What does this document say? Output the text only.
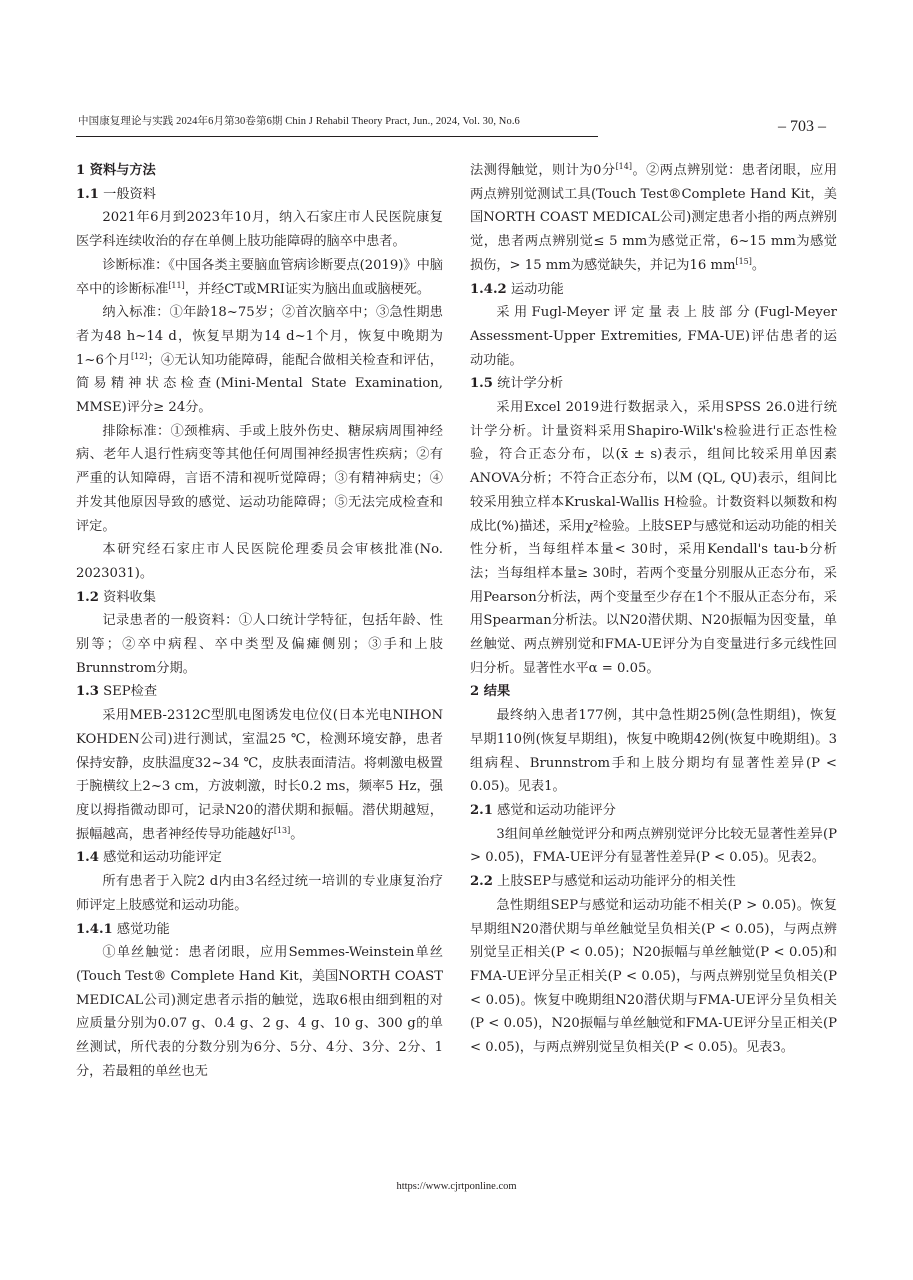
中国康复理论与实践 2024年6月第30卷第6期 Chin J Rehabil Theory Pract, Jun., 2024, Vol. 30, No.6	– 703 –

1 资料与方法

1.1 一般资料

2021年6月到2023年10月，纳入石家庄市人民医院康复医学科连续收治的存在单侧上肢功能障碍的脑卒中患者。

诊断标准：《中国各类主要脑血管病诊断要点(2019)》中脑卒中的诊断标准[11]，并经CT或MRI证实为脑出血或脑梗死。

纳入标准：①年龄18~75岁；②首次脑卒中；③急性期患者为48 h~14 d，恢复早期为14 d~1个月，恢复中晚期为1~6个月[12]；④无认知功能障碍，能配合做相关检查和评估，简易精神状态检查(Mini-Mental State Examination, MMSE)评分≥ 24分。

排除标准：①颈椎病、手或上肢外伤史、糖尿病周围神经病、老年人退行性病变等其他任何周围神经损害性疾病；②有严重的认知障碍，言语不清和视听觉障碍；③有精神病史；④并发其他原因导致的感觉、运动功能障碍；⑤无法完成检查和评定。

本研究经石家庄市人民医院伦理委员会审核批准(No. 2023031)。

1.2 资料收集

记录患者的一般资料：①人口统计学特征，包括年龄、性别等；②卒中病程、卒中类型及偏瘫侧别；③手和上肢Brunnstrom分期。

1.3 SEP检查

采用MEB-2312C型肌电图诱发电位仪(日本光电NIHON KOHDEN公司)进行测试，室温25 ℃，检测环境安静，患者保持安静，皮肤温度32~34 ℃，皮肤表面清洁。将刺激电极置于腕横纹上2~3 cm，方波刺激，时长0.2 ms，频率5 Hz，强度以拇指微动即可，记录N20的潜伏期和振幅。潜伏期越短，振幅越高，患者神经传导功能越好[13]。

1.4 感觉和运动功能评定

所有患者于入院2 d内由3名经过统一培训的专业康复治疗师评定上肢感觉和运动功能。

1.4.1 感觉功能

①单丝触觉：患者闭眼，应用Semmes-Weinstein单丝(Touch Test® Complete Hand Kit，美国NORTH COAST MEDICAL公司)测定患者示指的触觉，选取6根由细到粗的对应质量分别为0.07 g、0.4 g、2 g、4 g、10 g、300 g的单丝测试，所代表的分数分别为6分、5分、4分、3分、2分、1分，若最粗的单丝也无

法测得触觉，则计为0分[14]。②两点辨别觉：患者闭眼，应用两点辨别觉测试工具(Touch Test®Complete Hand Kit，美国NORTH COAST MEDICAL公司)测定患者小指的两点辨别觉，患者两点辨别觉≤ 5 mm为感觉正常，6~15 mm为感觉损伤，> 15 mm为感觉缺失，并记为16 mm[15]。

1.4.2 运动功能

采用Fugl-Meyer评定量表上肢部分(Fugl-Meyer Assessment-Upper Extremities, FMA-UE)评估患者的运动功能。

1.5 统计学分析

采用Excel 2019进行数据录入，采用SPSS 26.0进行统计学分析。计量资料采用Shapiro-Wilk's检验进行正态性检验，符合正态分布，以(x̄ ± s)表示，组间比较采用单因素ANOVA分析；不符合正态分布，以M (QL, QU)表示，组间比较采用独立样本Kruskal-Wallis H检验。计数资料以频数和构成比(%)描述，采用χ²检验。上肢SEP与感觉和运动功能的相关性分析，当每组样本量< 30时，采用Kendall's tau-b分析法；当每组样本量≥ 30时，若两个变量分别服从正态分布，采用Pearson分析法，两个变量至少存在1个不服从正态分布，采用Spearman分析法。以N20潜伏期、N20振幅为因变量，单丝触觉、两点辨别觉和FMA-UE评分为自变量进行多元线性回归分析。显著性水平α = 0.05。

2 结果

最终纳入患者177例，其中急性期25例(急性期组)，恢复早期110例(恢复早期组)，恢复中晚期42例(恢复中晚期组)。3组病程、Brunnstrom手和上肢分期均有显著性差异(P < 0.05)。见表1。

2.1 感觉和运动功能评分

3组间单丝触觉评分和两点辨别觉评分比较无显著性差异(P > 0.05)，FMA-UE评分有显著性差异(P < 0.05)。见表2。

2.2 上肢SEP与感觉和运动功能评分的相关性

急性期组SEP与感觉和运动功能不相关(P > 0.05)。恢复早期组N20潜伏期与单丝触觉呈负相关(P < 0.05)，与两点辨别觉呈正相关(P < 0.05)；N20振幅与单丝触觉(P < 0.05)和FMA-UE评分呈正相关(P < 0.05)，与两点辨别觉呈负相关(P < 0.05)。恢复中晚期组N20潜伏期与FMA-UE评分呈负相关(P < 0.05)，N20振幅与单丝触觉和FMA-UE评分呈正相关(P < 0.05)，与两点辨别觉呈负相关(P < 0.05)。见表3。

https://www.cjrtponline.com
